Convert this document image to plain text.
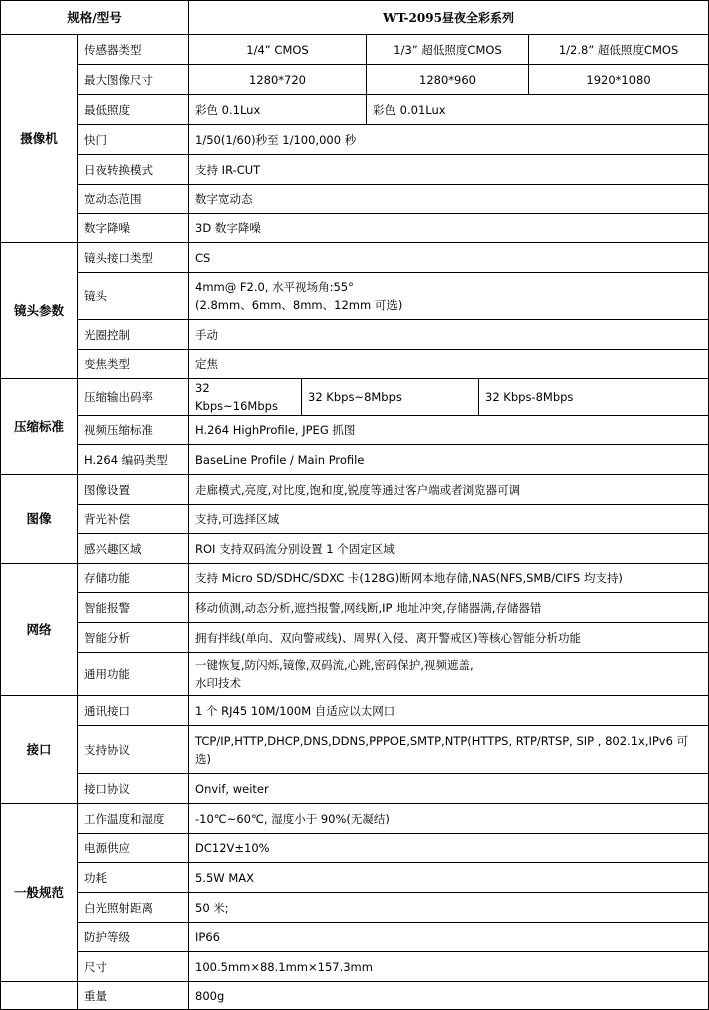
规格/型号		WT-2095昼夜全彩系列				
摄像机	传感器类型	1/4” CMOS		1/3” 超低照度CMOS		1/2.8” 超低照度CMOS
	最大图像尺寸	1280*720		1280*960		1920*1080
	最低照度	彩色 0.1Lux		彩色 0.01Lux		
	快门	1/50(1/60)秒至 1/100,000 秒				
	日夜转换模式	支持 IR-CUT				
	宽动态范围	数字宽动态				
	数字降噪	3D 数字降噪				
镜头参数	镜头接口类型	CS				
	镜头	4mm@ F2.0, 水平视场角:55°
(2.8mm、6mm、8mm、12mm 可选)				

	光圈控制	手动				
	变焦类型	定焦				
压缩标准	压缩输出码率	32 Kbps~16Mbps	32 Kbps~8Mbps		32 Kbps-8Mbps	
	视频压缩标准	H.264 HighProfile, JPEG 抓图				
	H.264 编码类型	BaseLine Profile / Main Profile				
图像	图像设置	走廊模式,亮度,对比度,饱和度,锐度等通过客户端或者浏览器可调				
	背光补偿	支持,可选择区域				
	感兴趣区域	ROI 支持双码流分别设置 1 个固定区域				
网络	存储功能	支持 Micro SD/SDHC/SDXC 卡(128G)断网本地存储,NAS(NFS,SMB/CIFS 均支持)				
	智能报警	移动侦测,动态分析,遮挡报警,网线断,IP 地址冲突,存储器满,存储器错				
	智能分析	拥有拌线(单向、双向警戒线)、周界(入侵、离开警戒区)等核心智能分析功能				
	通用功能	一键恢复,防闪烁,镜像,双码流,心跳,密码保护,视频遮盖,
水印技术				

接口	通讯接口	1 个 RJ45 10M/100M 自适应以太网口				
	支持协议	TCP/IP,HTTP,DHCP,DNS,DDNS,PPPOE,SMTP,NTP(HTTPS, RTP/RTSP, SIP , 802.1x,IPv6 可
选)				

	接口协议	Onvif, weiter				
一般规范	工作温度和湿度	-10℃~60℃, 湿度小于 90%(无凝结)				
	电源供应	DC12V±10%				
	功耗	5.5W MAX				
	白光照射距离	50 米;				
	防护等级	IP66				
	尺寸	100.5mm×88.1mm×157.3mm				
	重量	800g				
